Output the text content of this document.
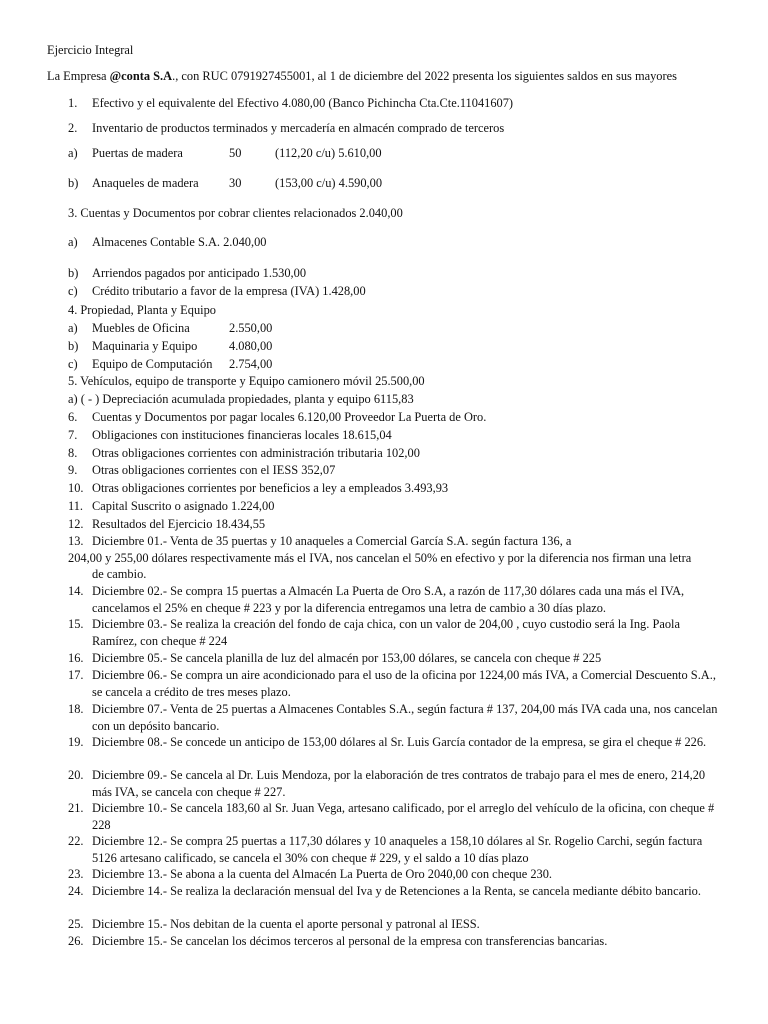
Ejercicio Integral
La Empresa @conta S.A., con RUC 0791927455001, al 1 de diciembre del 2022 presenta los siguientes saldos en sus mayores
1. Efectivo y el equivalente del Efectivo 4.080,00 (Banco Pichincha Cta.Cte.11041607)
2. Inventario de productos terminados y mercadería en almacén comprado de terceros
a) Puertas de madera	50	(112,20 c/u) 5.610,00
b) Anaqueles de madera 30	(153,00 c/u) 4.590,00
3. Cuentas y Documentos por cobrar clientes relacionados 2.040,00
a) Almacenes Contable S.A. 2.040,00
b) Arriendos pagados por anticipado 1.530,00
c) Crédito tributario a favor de la empresa (IVA) 1.428,00
4. Propiedad, Planta y Equipo
a) Muebles de Oficina	2.550,00
b) Maquinaria y Equipo	4.080,00
c) Equipo de Computación 2.754,00
5. Vehículos, equipo de transporte y Equipo camionero móvil 25.500,00
a) ( - ) Depreciación acumulada propiedades, planta y equipo 6115,83
6. Cuentas y Documentos por pagar locales 6.120,00 Proveedor La Puerta de Oro.
7. Obligaciones con instituciones financieras locales 18.615,04
8. Otras obligaciones corrientes con administración tributaria 102,00
9. Otras obligaciones corrientes con el IESS 352,07
10. Otras obligaciones corrientes por beneficios a ley a empleados 3.493,93
11. Capital Suscrito o asignado 1.224,00
12. Resultados del Ejercicio 18.434,55
13. Diciembre 01.- Venta de 35 puertas y 10 anaqueles a Comercial García S.A. según factura 136, a
204,00 y 255,00 dólares respectivamente más el IVA, nos cancelan el 50% en efectivo y por la diferencia nos firman una letra
de cambio.
14. Diciembre 02.- Se compra 15 puertas a Almacén La Puerta de Oro S.A, a razón de 117,30 dólares cada una más el IVA, cancelamos el 25% en cheque # 223 y por la diferencia entregamos una letra de cambio a 30 días plazo.
15. Diciembre 03.- Se realiza la creación del fondo de caja chica, con un valor de 204,00 , cuyo custodio será la Ing. Paola Ramírez, con cheque # 224
16. Diciembre 05.- Se cancela planilla de luz del almacén por 153,00 dólares, se cancela con cheque # 225
17. Diciembre 06.- Se compra un aire acondicionado para el uso de la oficina por 1224,00 más IVA, a Comercial Descuento S.A., se cancela a crédito de tres meses plazo.
18. Diciembre 07.- Venta de 25 puertas a Almacenes Contables S.A., según factura # 137, 204,00 más IVA cada una, nos cancelan con un depósito bancario.
19. Diciembre 08.- Se concede un anticipo de 153,00 dólares al Sr. Luis García contador de la empresa, se gira el cheque # 226.
20. Diciembre 09.- Se cancela al Dr. Luis Mendoza, por la elaboración de tres contratos de trabajo para el mes de enero, 214,20 más IVA, se cancela con cheque # 227.
21. Diciembre 10.- Se cancela 183,60 al Sr. Juan Vega, artesano calificado, por el arreglo del vehículo de la oficina, con cheque # 228
22. Diciembre 12.- Se compra 25 puertas a 117,30 dólares y 10 anaqueles a 158,10 dólares al Sr. Rogelio Carchi, según factura 5126 artesano calificado, se cancela el 30% con cheque # 229, y el saldo a 10 días plazo
23. Diciembre 13.- Se abona a la cuenta del Almacén La Puerta de Oro 2040,00 con cheque 230.
24. Diciembre 14.- Se realiza la declaración mensual del Iva y de Retenciones a la Renta, se cancela mediante débito bancario.
25. Diciembre 15.- Nos debitan de la cuenta el aporte personal y patronal al IESS.
26. Diciembre 15.- Se cancelan los décimos terceros al personal de la empresa con transferencias bancarias.
